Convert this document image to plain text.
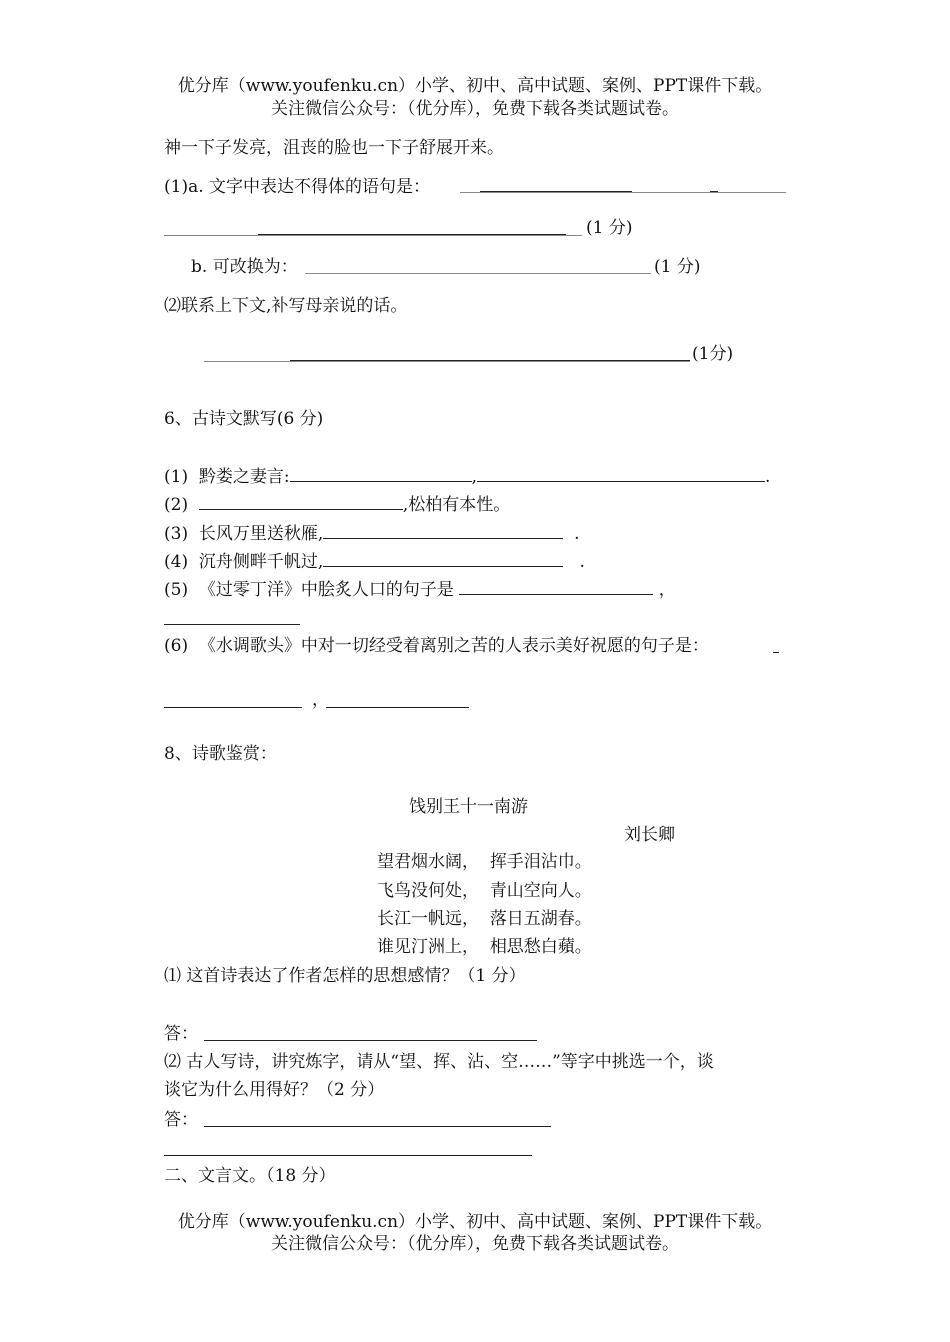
优分库（www.youfenku.cn）小学、初中、高中试题、案例、PPT课件下载。
关注微信公众号：（优分库），免费下载各类试题试卷。
神一下子发亮，沮丧的脸也一下子舒展开来。
(1)a. 文字中表达不得体的语句是：
(1 分)
b. 可改换为：	(1 分)
⑵联系上下文,补写母亲说的话。
(1分)
6、古诗文默写(6 分)
(1) 黔娄之妻言:	,	.
(2)	,松柏有本性。
(3) 长风万里送秋雁,	.
(4) 沉舟侧畔千帆过,	.
(5) 《过零丁洋》中脍炙人口的句子是	，
(6) 《水调歌头》中对一切经受着离别之苦的人表示美好祝愿的句子是：
，
8、诗歌鉴赏：
饯别王十一南游
刘长卿
望君烟水阔， 挥手泪沾巾。
飞鸟没何处， 青山空向人。
长江一帆远， 落日五湖春。
谁见汀洲上， 相思愁白蘋。
⑴ 这首诗表达了作者怎样的思想感情？（1 分）
答：
⑵ 古人写诗，讲究炼字，请从“望、挥、沾、空……”等字中挑选一个，谈
谈它为什么用得好？（2 分）
答：
二、文言文。（18 分）
优分库（www.youfenku.cn）小学、初中、高中试题、案例、PPT课件下载。
关注微信公众号：（优分库），免费下载各类试题试卷。
